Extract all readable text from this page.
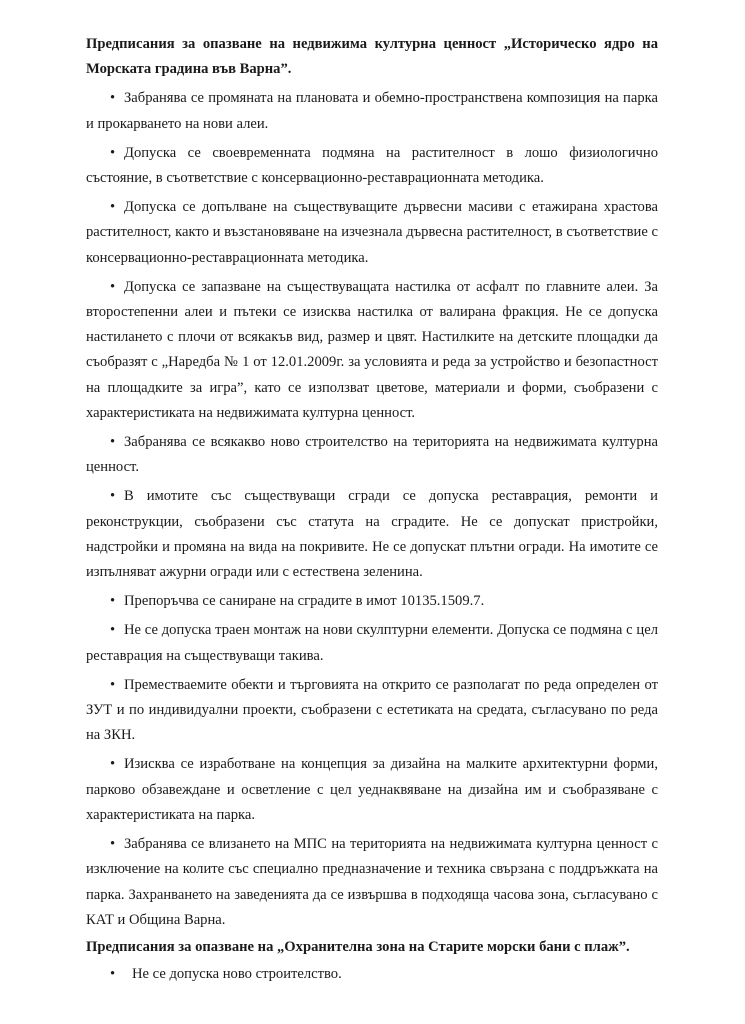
Предписания за опазване на недвижима културна ценност „Историческо ядро на Морската градина във Варна”.

• Забранява се промяната на плановата и обемно-пространствена композиция на парка и прокарването на нови алеи.

• Допуска се своевременната подмяна на растителност в лошо физиологично състояние, в съответствие с консервационно-реставрационната методика.

• Допуска се допълване на съществуващите дървесни масиви с етажирана храстова растителност, както и възстановяване на изчезнала дървесна растителност, в съответствие с консервационно-реставрационната методика.

• Допуска се запазване на съществуващата настилка от асфалт по главните алеи. За второстепенни алеи и пътеки се изисква настилка от валирана фракция. Не се допуска настилането с плочи от всякакъв вид, размер и цвят. Настилките на детските площадки да съобразят с „Наредба № 1 от 12.01.2009г. за условията и реда за устройство и безопастност на площадките за игра”, като се използват цветове, материали и форми, съобразени с характеристиката на недвижимата културна ценност.

• Забранява се всякакво ново строителство на територията на недвижимата културна ценност.

• В имотите със съществуващи сгради се допуска реставрация, ремонти и реконструкции, съобразени със статута на сградите. Не се допускат пристройки, надстройки и промяна на вида на покривите. Не се допускат плътни огради. На имотите се изпълняват ажурни огради или с естествена зеленина.

• Препоръчва се саниране на сградите в имот 10135.1509.7.

• Не се допуска траен монтаж на нови скулптурни елементи. Допуска се подмяна с цел реставрация на съществуващи такива.

• Преместваемите обекти и търговията на открито се разполагат по реда определен от ЗУТ и по индивидуални проекти, съобразени с естетиката на средата, съгласувано по реда на ЗКН.

• Изисква се изработване на концепция за дизайна на малките архитектурни форми, парково обзавеждане и осветление с цел уеднаквяване на дизайна им и съобразяване с характеристиката на парка.

• Забранява се влизането на МПС на територията на недвижимата културна ценност с изключение на колите със специално предназначение и техника свързана с поддръжката на парка. Захранването на заведенията да се извършва в подходяща часова зона, съгласувано с КАТ и Община Варна.

Предписания за опазване на „Охранителна зона на Старите морски бани с плаж”.

• Не се допуска ново строителство.
